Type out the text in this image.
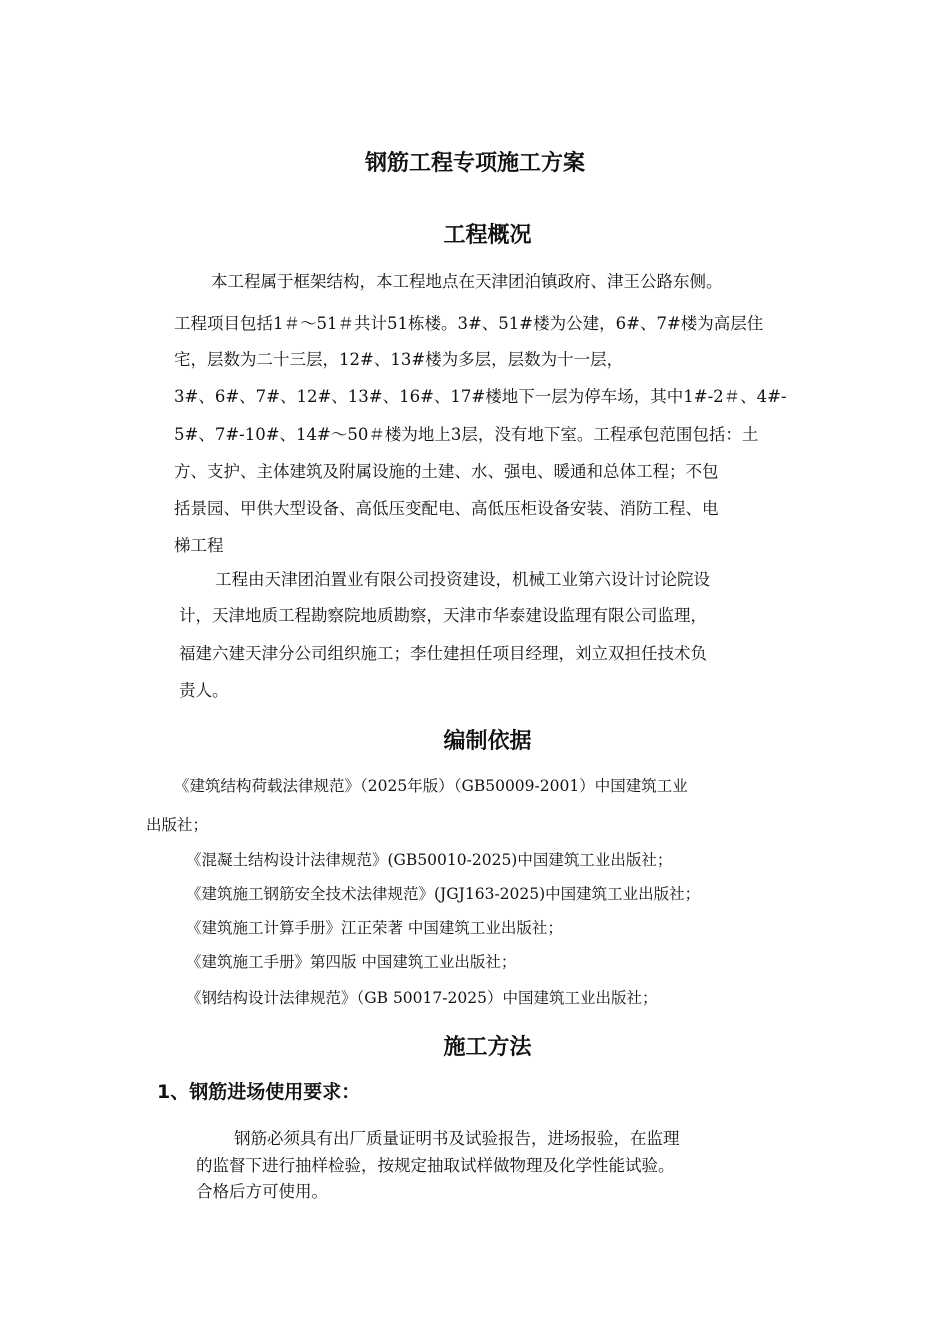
钢筋工程专项施工方案
工程概况
本工程属于框架结构，本工程地点在天津团泊镇政府、津王公路东侧。
工程项目包括1＃～51＃共计51栋楼。3#、51#楼为公建，6#、7#楼为高层住
宅，层数为二十三层，12#、13#楼为多层，层数为十一层，
3#、6#、7#、12#、13#、16#、17#楼地下一层为停车场，其中1#-2＃、4#-
5#、7#-10#、14#～50＃楼为地上3层，没有地下室。工程承包范围包括：土
方、支护、主体建筑及附属设施的土建、水、强电、暖通和总体工程；不包
括景园、甲供大型设备、高低压变配电、高低压柜设备安装、消防工程、电
梯工程
工程由天津团泊置业有限公司投资建设，机械工业第六设计讨论院设
计，天津地质工程勘察院地质勘察，天津市华泰建设监理有限公司监理，
福建六建天津分公司组织施工；李仕建担任项目经理，刘立双担任技术负
责人。
编制依据
《建筑结构荷载法律规范》（2025年版）（GB50009-2001）中国建筑工业
出版社；
《混凝土结构设计法律规范》(GB50010-2025)中国建筑工业出版社；
《建筑施工钢筋安全技术法律规范》(JGJ163-2025)中国建筑工业出版社；
《建筑施工计算手册》江正荣著 中国建筑工业出版社；
《建筑施工手册》第四版 中国建筑工业出版社；
《钢结构设计法律规范》（GB 50017-2025）中国建筑工业出版社；
施工方法
1、钢筋进场使用要求：
钢筋必须具有出厂质量证明书及试验报告，进场报验，在监理
的监督下进行抽样检验，按规定抽取试样做物理及化学性能试验。
合格后方可使用。
